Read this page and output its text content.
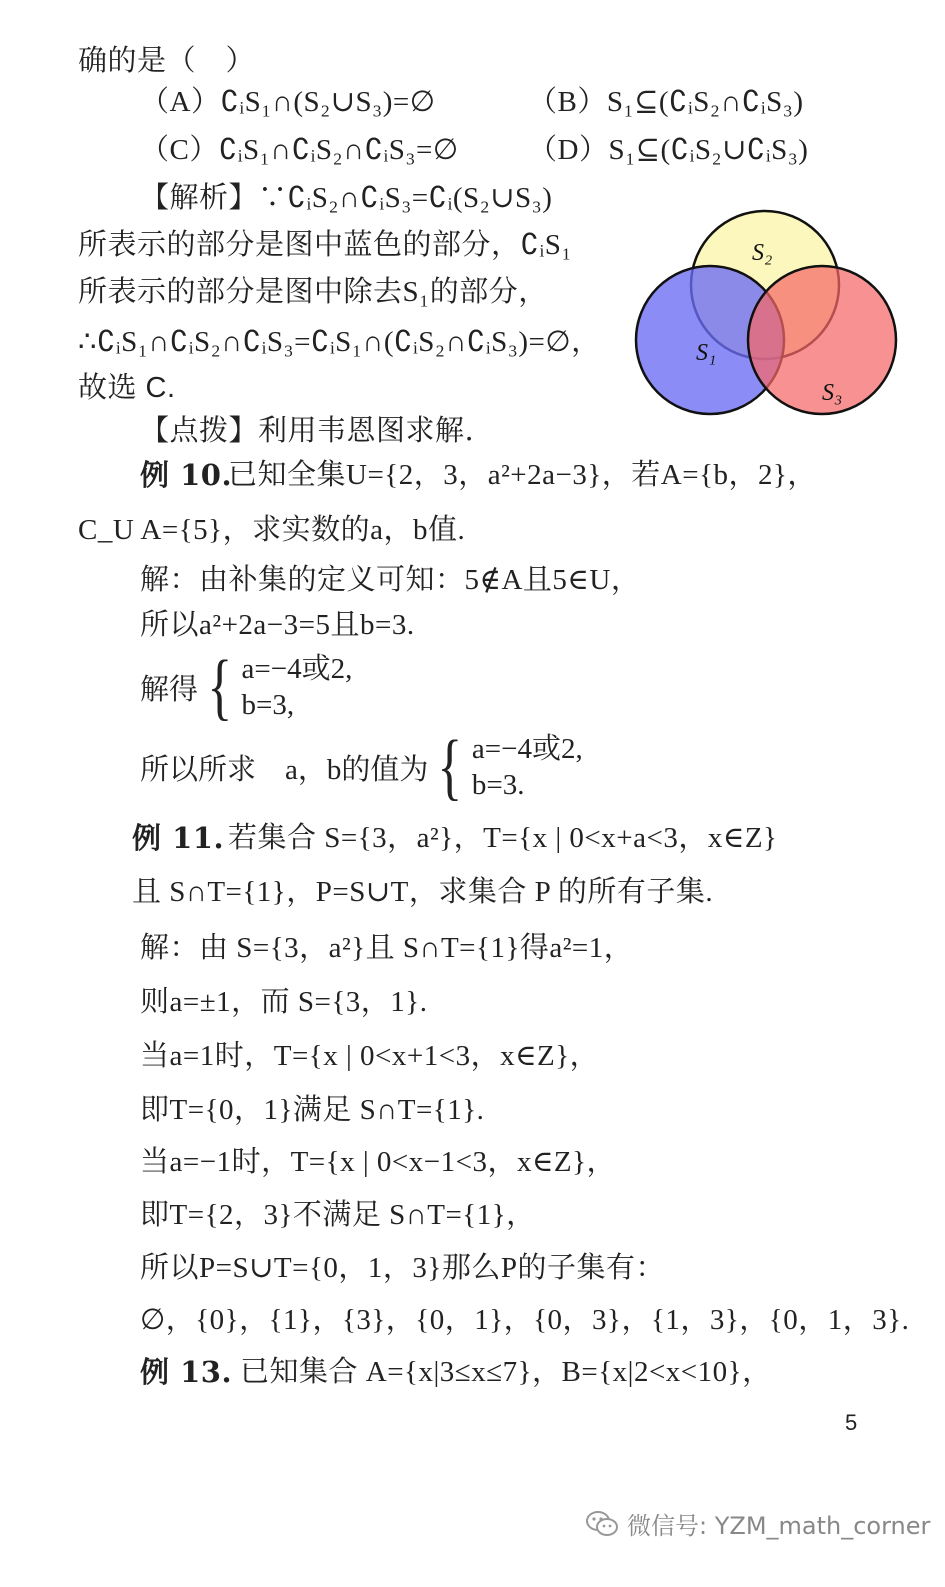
确的是（　）
（A）∁ᵢS₁∩(S₂∪S₃)=∅	（B）S₁⊆(∁ᵢS₂∩∁ᵢS₃)
（C）∁ᵢS₁∩∁ᵢS₂∩∁ᵢS₃=∅ （D）S₁⊆(∁ᵢS₂∪∁ᵢS₃)
【解析】∵∁ᵢS₂∩∁ᵢS₃=∁ᵢ(S₂∪S₃)
所表示的部分是图中蓝色的部分，∁ᵢS₁
所表示的部分是图中除去S₁的部分，
∴∁ᵢS₁∩∁ᵢS₂∩∁ᵢS₃=∁ᵢS₁∩(∁ᵢS₂∩∁ᵢS₃)=∅，
故选 C.
【点拨】利用韦恩图求解.
S₂
S₁
S₃
例 10.
已知全集U={2，3，a²+2a−3}，若A={b，2}，
C_U A={5}，求实数的a，b值.
解：由补集的定义可知：5∉A且5∈U，
所以a²+2a−3=5且b=3.
解得 { a=−4或2,
b=3,
所以所求　a，b的值为 { a=−4或2,
b=3.
例 11. 若集合 S={3，a²}，T={x | 0<x+a<3，x∈Z}
且 S∩T={1}，P=S∪T，求集合 P 的所有子集.
解：由 S={3，a²}且 S∩T={1}得a²=1，
则a=±1，而 S={3，1}.
当a=1时，T={x | 0<x+1<3，x∈Z}，
即T={0，1}满足 S∩T={1}.
当a=−1时，T={x | 0<x−1<3，x∈Z}，
即T={2，3}不满足 S∩T={1}，
所以P=S∪T={0，1，3}那么P的子集有：
∅，{0}，{1}，{3}，{0，1}，{0，3}，{1，3}，{0，1，3}.
例 13. 已知集合 A={x|3≤x≤7}，B={x|2<x<10}，
5
微信号: YZM_math_corner
